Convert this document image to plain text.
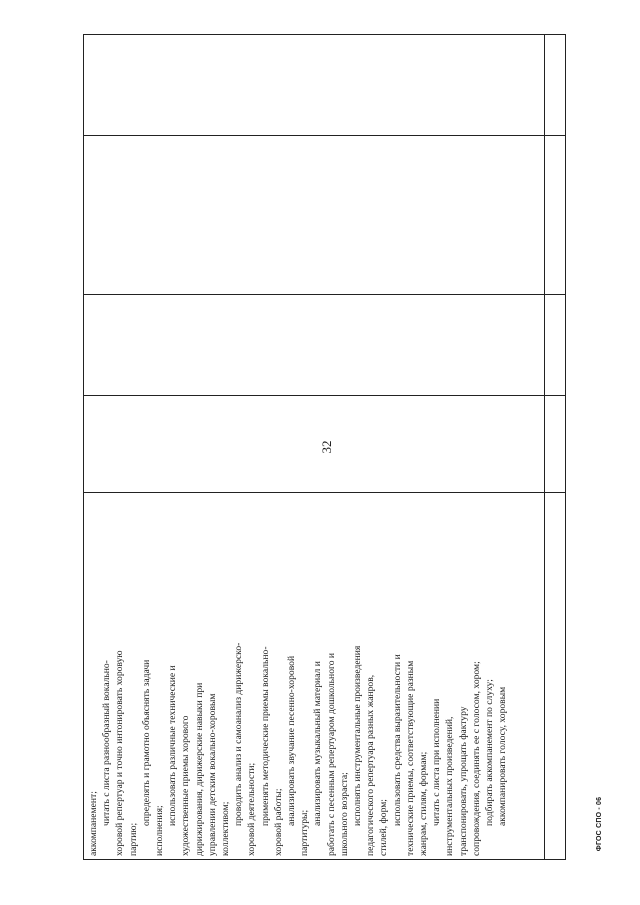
32

аккомпанемент; читать с листа разнообразный вокально- хоровой репертуар и точно интонировать хоровую партию;

определять и грамотно объяснять задачи

исполнения;

использовать различные технические и художественные приемы хорового дирижирования, дирижерские навыки при управлении детским вокально-хоровым коллективом;

проводить анализ и самоанализ дирижерско- хоровой деятельности; применять методические приемы вокально- хоровой работы; анализировать звучание песенно-хоровой

партитуры;

анализировать музыкальный материал и работать с песенным репертуаром дошкольного и школьного возраста; исполнять инструментальные произведения педагогического репертуара разных жанров, стилей, форм;

использовать средства выразительности и технические приемы, соответствующие разным жанрам, стилям, формам; читать с листа при исполнении инструментальных произведений, транспонировать, упрощать фактуру сопровождения, соединять ее с голосом, хором; подбирать аккомпанемент по слуху; аккомпанировать голосу, хоровым	ФГОС СПО - 06
